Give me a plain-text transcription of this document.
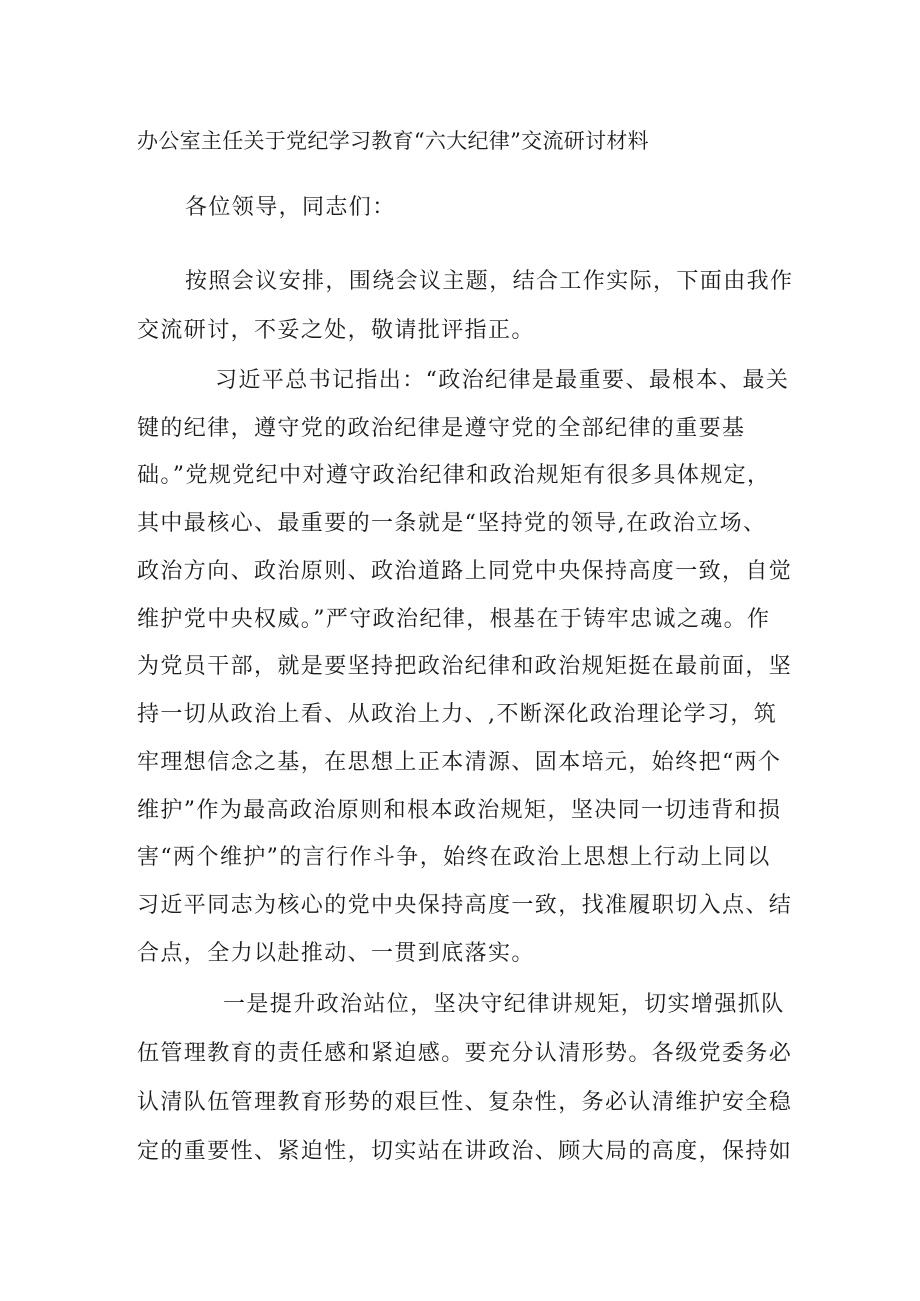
办公室主任关于党纪学习教育“六大纪律”交流研讨材料
各位领导，同志们：
按照会议安排，围绕会议主题，结合工作实际，下面由我作
交流研讨，不妥之处，敬请批评指正。
习近平总书记指出：“政治纪律是最重要、最根本、最关
键的纪律，遵守党的政治纪律是遵守党的全部纪律的重要基
础。”党规党纪中对遵守政治纪律和政治规矩有很多具体规定，
其中最核心、最重要的一条就是“坚持党的领导,在政治立场、
政治方向、政治原则、政治道路上同党中央保持高度一致，自觉
维护党中央权威。”严守政治纪律，根基在于铸牢忠诚之魂。作
为党员干部，就是要坚持把政治纪律和政治规矩挺在最前面，坚
持一切从政治上看、从政治上力、,不断深化政治理论学习，筑
牢理想信念之基，在思想上正本清源、固本培元，始终把“两个
维护”作为最高政治原则和根本政治规矩，坚决同一切违背和损
害“两个维护”的言行作斗争，始终在政治上思想上行动上同以
习近平同志为核心的党中央保持高度一致，找准履职切入点、结
合点，全力以赴推动、一贯到底落实。
一是提升政治站位，坚决守纪律讲规矩，切实增强抓队
伍管理教育的责任感和紧迫感。要充分认清形势。各级党委务必
认清队伍管理教育形势的艰巨性、复杂性，务必认清维护安全稳
定的重要性、紧迫性，切实站在讲政治、顾大局的高度，保持如
